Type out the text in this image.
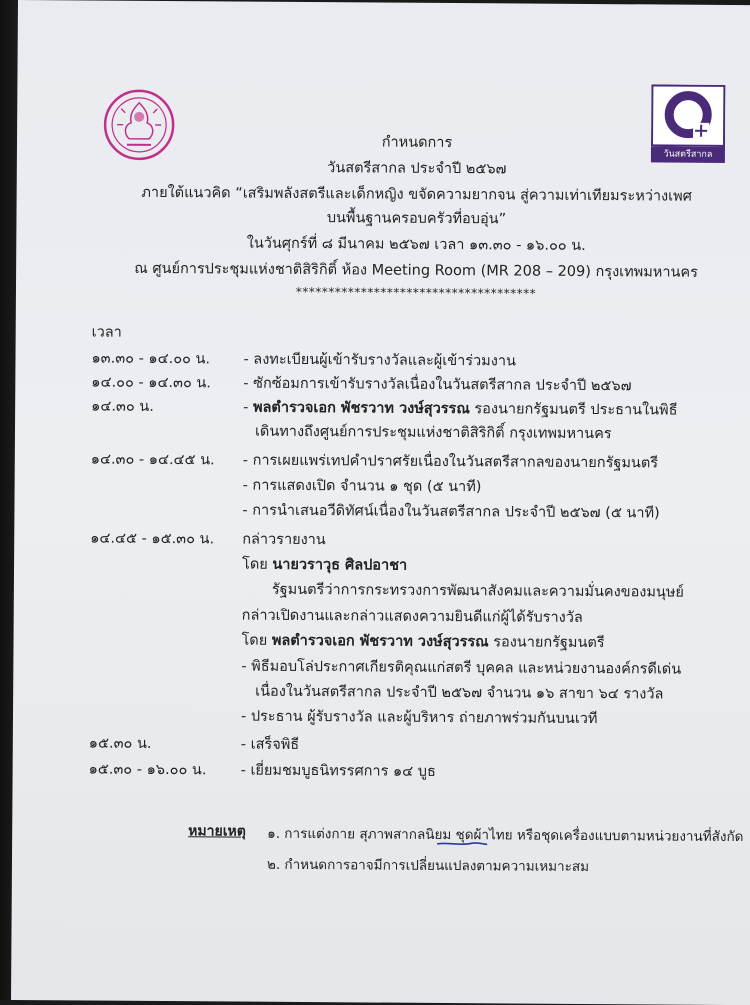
วันสตรีสากล
กำหนดการ
วันสตรีสากล ประจำปี ๒๕๖๗
ภายใต้แนวคิด “เสริมพลังสตรีและเด็กหญิง ขจัดความยากจน สู่ความเท่าเทียมระหว่างเพศ
บนพื้นฐานครอบครัวที่อบอุ่น”
ในวันศุกร์ที่ ๘ มีนาคม ๒๕๖๗ เวลา ๑๓.๓๐ - ๑๖.๐๐ น.
ณ ศูนย์การประชุมแห่งชาติสิริกิติ์ ห้อง Meeting Room (MR 208 – 209) กรุงเทพมหานคร
*************************************
เวลา
๑๓.๓๐ - ๑๔.๐๐ น. - ลงทะเบียนผู้เข้ารับรางวัลและผู้เข้าร่วมงาน
๑๔.๐๐ - ๑๔.๓๐ น. - ซักซ้อมการเข้ารับรางวัลเนื่องในวันสตรีสากล ประจำปี ๒๕๖๗
๑๔.๓๐ น.	- พลตำรวจเอก พัชรวาท วงษ์สุวรรณ รองนายกรัฐมนตรี ประธานในพิธี
เดินทางถึงศูนย์การประชุมแห่งชาติสิริกิติ์ กรุงเทพมหานคร
๑๔.๓๐ - ๑๔.๔๕ น. - การเผยแพร่เทปคำปราศรัยเนื่องในวันสตรีสากลของนายกรัฐมนตรี
- การแสดงเปิด จำนวน ๑ ชุด (๕ นาที)
- การนำเสนอวีดิทัศน์เนื่องในวันสตรีสากล ประจำปี ๒๕๖๗ (๕ นาที)
๑๔.๔๕ - ๑๕.๓๐ น. กล่าวรายงาน
โดย นายวราวุธ ศิลปอาชา
รัฐมนตรีว่าการกระทรวงการพัฒนาสังคมและความมั่นคงของมนุษย์
กล่าวเปิดงานและกล่าวแสดงความยินดีแก่ผู้ได้รับรางวัล
โดย พลตำรวจเอก พัชรวาท วงษ์สุวรรณ รองนายกรัฐมนตรี
- พิธีมอบโล่ประกาศเกียรติคุณแก่สตรี บุคคล และหน่วยงานองค์กรดีเด่น
เนื่องในวันสตรีสากล ประจำปี ๒๕๖๗ จำนวน ๑๖ สาขา ๖๔ รางวัล
- ประธาน ผู้รับรางวัล และผู้บริหาร ถ่ายภาพร่วมกันบนเวที
๑๕.๓๐ น.	- เสร็จพิธี
๑๕.๓๐ - ๑๖.๐๐ น. - เยี่ยมชมบูธนิทรรศการ ๑๔ บูธ
หมายเหตุ ๑. การแต่งกาย สุภาพสากลนิยม ชุดผ้าไทย หรือชุดเครื่องแบบตามหน่วยงานที่สังกัด
๒. กำหนดการอาจมีการเปลี่ยนแปลงตามความเหมาะสม
